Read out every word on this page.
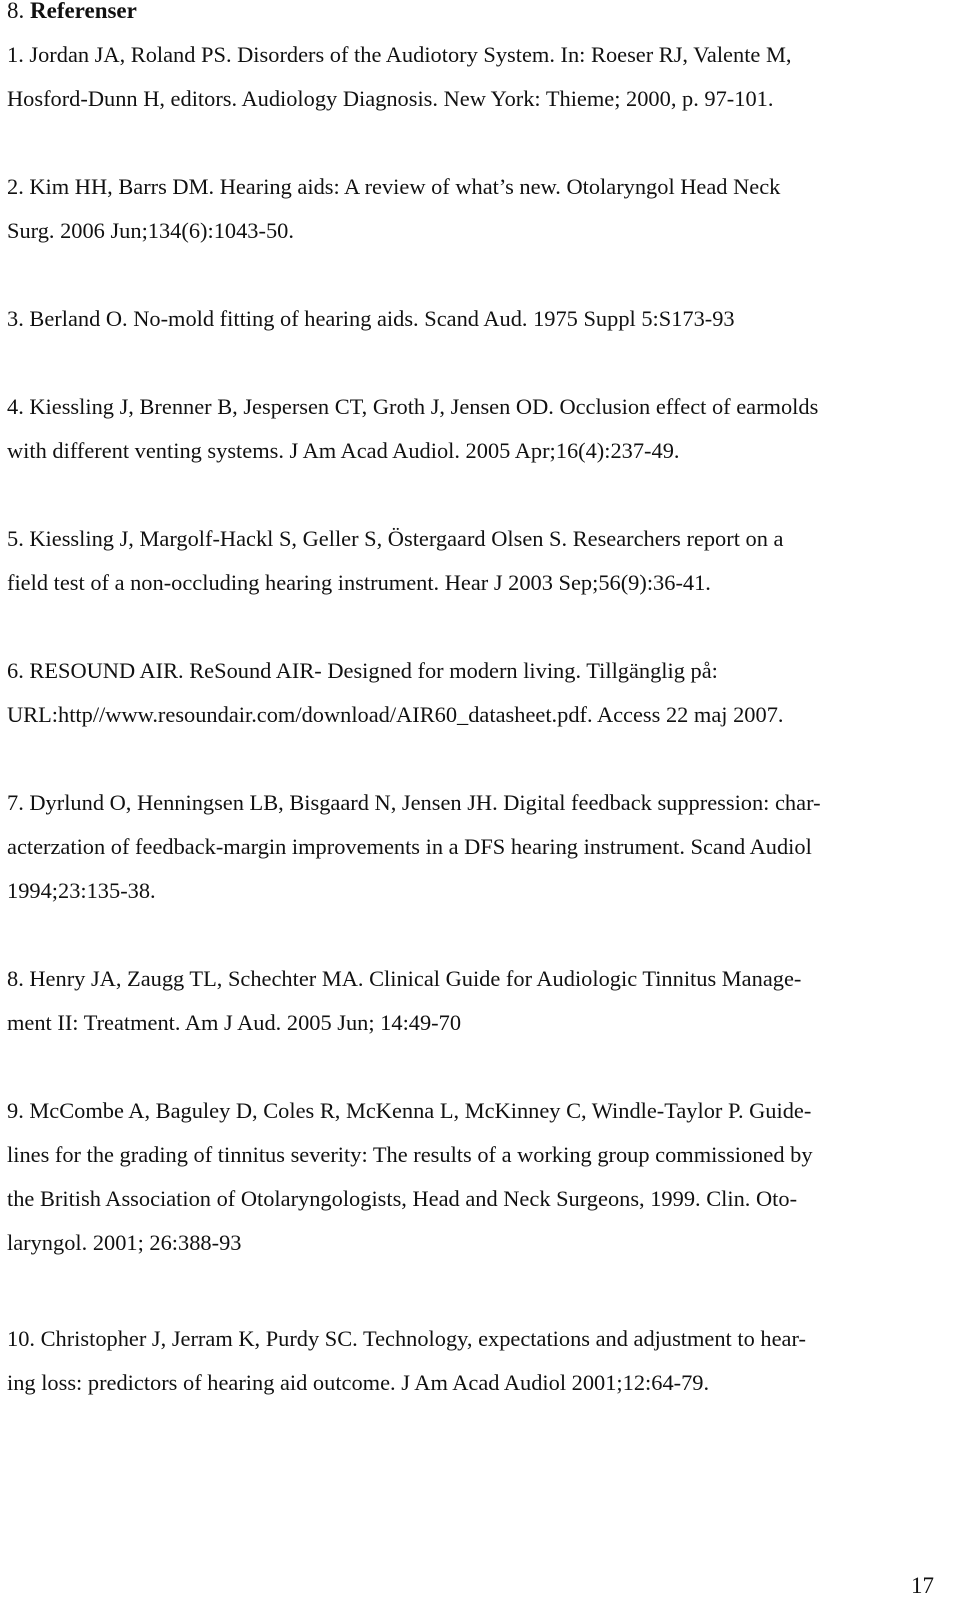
8. Referenser
1. Jordan JA, Roland PS. Disorders of the Audiotory System. In: Roeser RJ, Valente M,
Hosford-Dunn H, editors. Audiology Diagnosis. New York: Thieme; 2000, p. 97-101.
2. Kim HH, Barrs DM. Hearing aids: A review of what’s new. Otolaryngol Head Neck
Surg. 2006 Jun;134(6):1043-50.
3. Berland O. No-mold fitting of hearing aids. Scand Aud. 1975 Suppl 5:S173-93
4. Kiessling J, Brenner B, Jespersen CT, Groth J, Jensen OD. Occlusion effect of earmolds
with different venting systems. J Am Acad Audiol. 2005 Apr;16(4):237-49.
5. Kiessling J, Margolf-Hackl S, Geller S, Östergaard Olsen S. Researchers report on a
field test of a non-occluding hearing instrument. Hear J 2003 Sep;56(9):36-41.
6. RESOUND AIR. ReSound AIR- Designed for modern living. Tillgänglig på:
URL:http//www.resoundair.com/download/AIR60_datasheet.pdf. Access 22 maj 2007.
7. Dyrlund O, Henningsen LB, Bisgaard N, Jensen JH. Digital feedback suppression: char-
acterzation of feedback-margin improvements in a DFS hearing instrument. Scand Audiol
1994;23:135-38.
8. Henry JA, Zaugg TL, Schechter MA. Clinical Guide for Audiologic Tinnitus Manage-
ment II: Treatment. Am J Aud. 2005 Jun; 14:49-70
9. McCombe A, Baguley D, Coles R, McKenna L, McKinney C, Windle-Taylor P. Guide-
lines for the grading of tinnitus severity: The results of a working group commissioned by
the British Association of Otolaryngologists, Head and Neck Surgeons, 1999. Clin. Oto-
laryngol. 2001; 26:388-93
10. Christopher J, Jerram K, Purdy SC. Technology, expectations and adjustment to hear-
ing loss: predictors of hearing aid outcome. J Am Acad Audiol 2001;12:64-79.
17
